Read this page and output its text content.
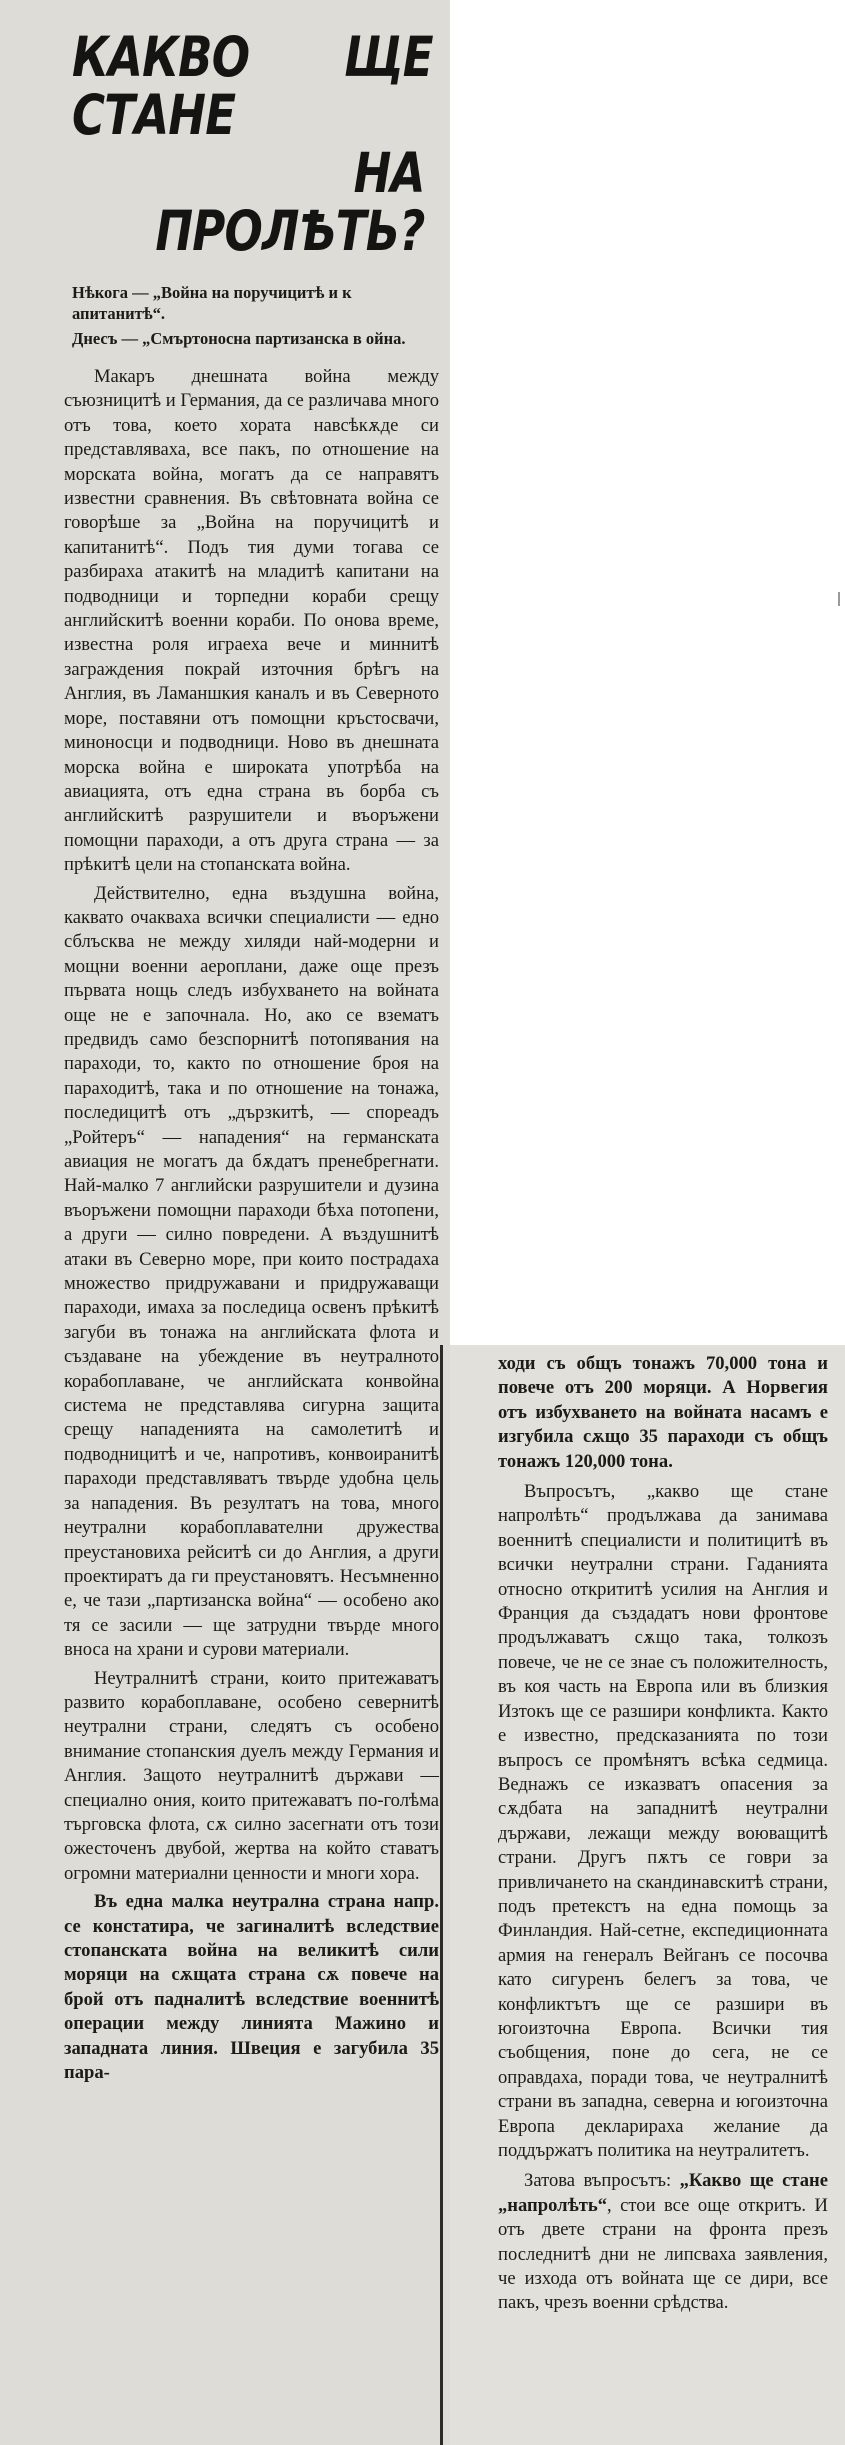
КАКВО ЩЕ СТАНЕ
НА ПРОЛѢТЬ?

Нѣкога — „Война на поручицитѣ и к апитанитѣ“.

Днесъ — „Смъртоносна партизанска в ойна.

Макаръ днешната война между съюзницитѣ и Германия, да се различава много отъ това, което хората навсѣкѫде си представляваха, все пакъ, по отношение на морската война, могатъ да се направятъ известни сравнения. Въ свѣтовната война се говорѣше за „Война на поручицитѣ и капитанитѣ“. Подъ тия думи тогава се разбираха атакитѣ на младитѣ капитани на подводници и торпедни кораби срещу английскитѣ военни кораби. По онова време, известна роля играеха вече и миннитѣ заграждения покрай източния брѣгъ на Англия, въ Ламаншкия каналъ и въ Северното море, поставяни отъ помощни кръстосвачи, миноносци и подводници. Ново въ днешната морска война е широката употрѣба на авиацията, отъ една страна въ борба съ английскитѣ разрушители и въоръжени помощни параходи, а отъ друга страна — за прѣкитѣ цели на стопанската война.

Действително, една въздушна война, каквато очакваха всички специалисти — едно сблъсква не между хиляди най-модерни и мощни военни аероплани, даже още презъ първата нощь следъ избухването на войната още не е започнала. Но, ако се взематъ предвидъ само безспорнитѣ потопявания на параходи, то, както по отношение броя на параходитѣ, така и по отношение на тонажа, последицитѣ отъ „дързкитѣ, — спореадъ „Ройтеръ“ — нападения“ на германската авиация не могатъ да бѫдатъ пренебрегнати. Най-малко 7 английски разрушители и дузина въоръжени помощни параходи бѣха потопени, а други — силно повредени. А въздушнитѣ атаки въ Северно море, при които пострадаха множество придружавани и придружаващи параходи, имаха за последица освенъ прѣкитѣ загуби въ тонажа на английската флота и създаване на убеждение въ неутралното корабоплаване, че английската конвойна система не представлява сигурна защита срещу нападенията на самолетитѣ и подводницитѣ и че, напротивъ, конвоиранитѣ параходи представляватъ твърде удобна цель за нападения. Въ резултатъ на това, много неутрални корабоплавателни дружества преустановиха рейситѣ си до Англия, а други проектиратъ да ги преустановятъ. Несъмненно е, че тази „партизанска война“ — особено ако тя се засили — ще затрудни твърде много вноса на храни и сурови материали.

Неутралнитѣ страни, които притежаватъ развито корабоплаване, особено севернитѣ неутрални страни, следятъ съ особено внимание стопанския дуелъ между Германия и Англия. Защото неутралнитѣ държави — специално ония, които притежаватъ по-голѣма търговска флота, сѫ силно засегнати отъ този ожесточенъ двубой, жертва на който ставатъ огромни материални ценности и многи хора.

Въ една малка неутрална страна напр. се констатира, че загиналитѣ вследствие стопанската война на великитѣ сили моряци на сѫщата страна сѫ повече на брой отъ падналитѣ вследствие военнитѣ операции между линията Мажино и западната линия. Швеция е загубила 35 пара-

ходи съ общъ тонажъ 70,000 тона и повече отъ 200 моряци. А Норвегия отъ избухването на войната насамъ е изгубила сѫщо 35 параходи съ общъ тонажъ 120,000 тона.

Въпросътъ, „какво ще стане напролѣть“ продължава да занимава военнитѣ специалисти и политицитѣ въ всички неутрални страни. Гаданията относно открититѣ усилия на Англия и Франция да създадатъ нови фронтове продължаватъ сѫщо така, толкозъ повече, че не се знае съ положителность, въ коя часть на Европа или въ близкия Изтокъ ще се разшири конфликта. Както е известно, предсказанията по този въпросъ се промѣнятъ всѣка седмица. Веднажъ се изказватъ опасения за сѫдбата на западнитѣ неутрални държави, лежащи между воюващитѣ страни. Другъ пѫтъ се говри за привличането на скандинавскитѣ страни, подъ претекстъ на една помощь за Финландия. Най-сетне, експедиционната армия на генералъ Вейганъ се посочва като сигуренъ белегъ за това, че конфликтътъ ще се разшири въ югоизточна Европа. Всички тия съобщения, поне до сега, не се оправдаха, поради това, че неутралнитѣ страни въ западна, северна и югоизточна Европа декларираха желание да поддържатъ политика на неутралитетъ.

Затова въпросътъ: „Какво ще стане „напролѣть“, стои все още откритъ. И отъ двете страни на фронта презъ последнитѣ дни не липсваха заявления, че изхода отъ войната ще се дири, все пакъ, чрезъ военни срѣдства.
